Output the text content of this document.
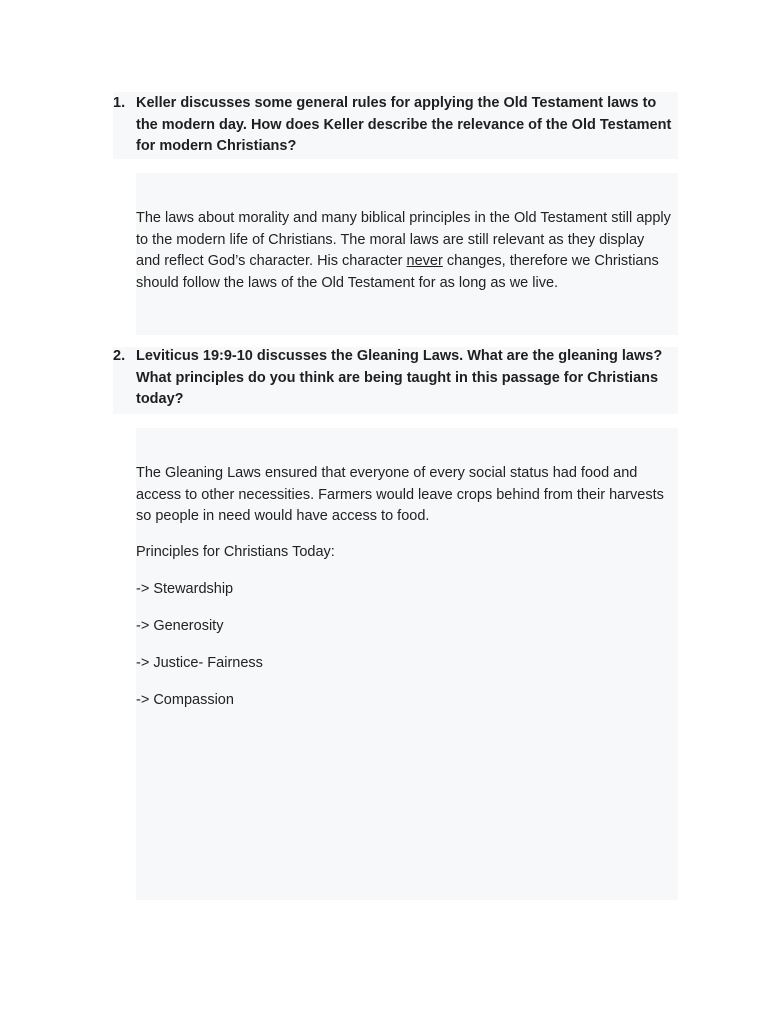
1. Keller discusses some general rules for applying the Old Testament laws to the modern day. How does Keller describe the relevance of the Old Testament for modern Christians?

The laws about morality and many biblical principles in the Old Testament still apply to the modern life of Christians. The moral laws are still relevant as they display and reflect God’s character. His character never changes, therefore we Christians should follow the laws of the Old Testament for as long as we live.

2. Leviticus 19:9-10 discusses the Gleaning Laws. What are the gleaning laws? What principles do you think are being taught in this passage for Christians today?

The Gleaning Laws ensured that everyone of every social status had food and access to other necessities. Farmers would leave crops behind from their harvests so people in need would have access to food.

Principles for Christians Today:

-> Stewardship

-> Generosity

-> Justice- Fairness

-> Compassion
